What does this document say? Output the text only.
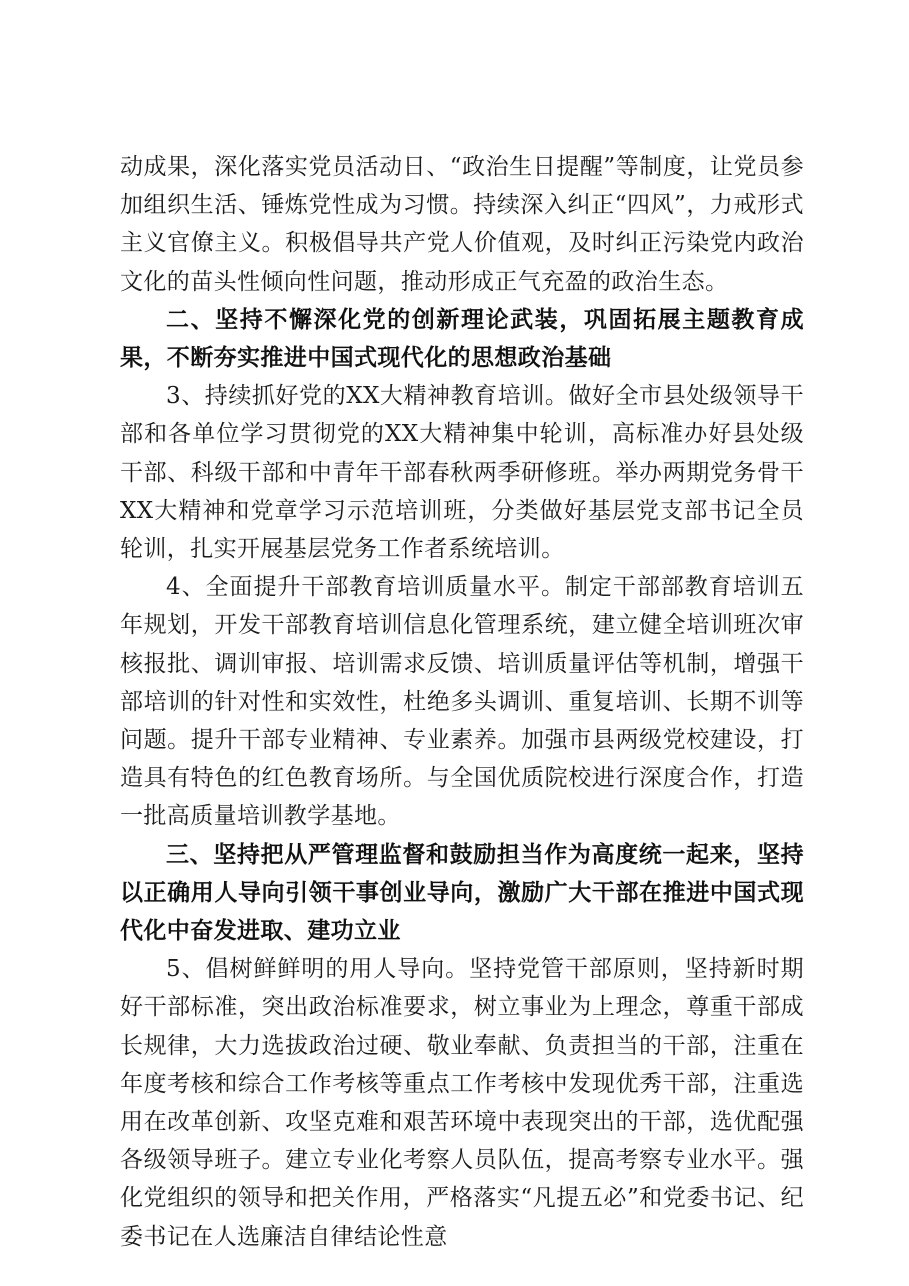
动成果，深化落实党员活动日、“政治生日提醒”等制度，让党员参加组织生活、锤炼党性成为习惯。持续深入纠正“四风”，力戒形式主义官僚主义。积极倡导共产党人价值观，及时纠正污染党内政治文化的苗头性倾向性问题，推动形成正气充盈的政治生态。

二、坚持不懈深化党的创新理论武装，巩固拓展主题教育成果，不断夯实推进中国式现代化的思想政治基础

3、持续抓好党的XX大精神教育培训。做好全市县处级领导干部和各单位学习贯彻党的XX大精神集中轮训，高标准办好县处级干部、科级干部和中青年干部春秋两季研修班。举办两期党务骨干XX大精神和党章学习示范培训班，分类做好基层党支部书记全员轮训，扎实开展基层党务工作者系统培训。

4、全面提升干部教育培训质量水平。制定干部部教育培训五年规划，开发干部教育培训信息化管理系统，建立健全培训班次审核报批、调训审报、培训需求反馈、培训质量评估等机制，增强干部培训的针对性和实效性，杜绝多头调训、重复培训、长期不训等问题。提升干部专业精神、专业素养。加强市县两级党校建设，打造具有特色的红色教育场所。与全国优质院校进行深度合作，打造一批高质量培训教学基地。

三、坚持把从严管理监督和鼓励担当作为高度统一起来，坚持以正确用人导向引领干事创业导向，激励广大干部在推进中国式现代化中奋发进取、建功立业

5、倡树鲜鲜明的用人导向。坚持党管干部原则，坚持新时期好干部标准，突出政治标准要求，树立事业为上理念，尊重干部成长规律，大力选拔政治过硬、敬业奉献、负责担当的干部，注重在年度考核和综合工作考核等重点工作考核中发现优秀干部，注重选用在改革创新、攻坚克难和艰苦环境中表现突出的干部，选优配强各级领导班子。建立专业化考察人员队伍，提高考察专业水平。强化党组织的领导和把关作用，严格落实“凡提五必”和党委书记、纪委书记在人选廉洁自律结论性意
